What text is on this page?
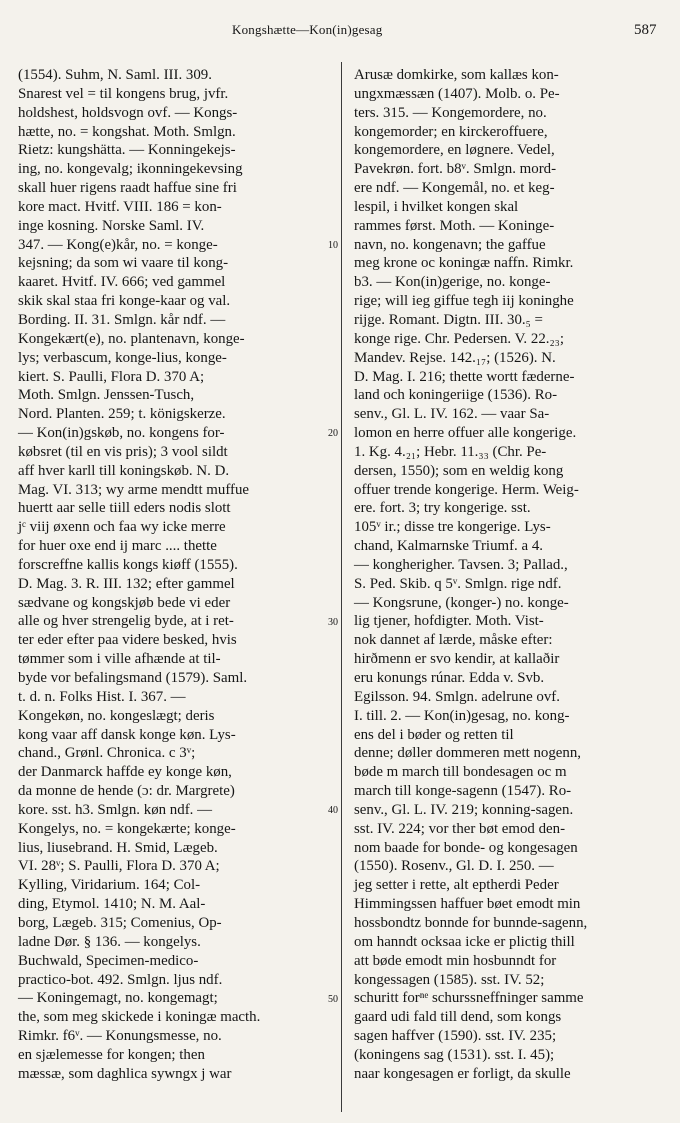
Kongshætte—Kon(in)gesag	587
10
20
30
40
50
(1554). Suhm, N. Saml. III. 309.
Snarest vel = til kongens brug, jvfr.
holdshest, holdsvogn ovf. — Kongs-
hætte, no. = kongshat. Moth. Smlgn.
Rietz: kungshätta. — Konningekejs-
ing, no. kongevalg; ikonningekevsing
skall huer rigens raadt haffue sine fri
kore mact. Hvitf. VIII. 186 = kon-
inge kosning. Norske Saml. IV.
347. — Kong(e)kår, no. = konge-
kejsning; da som wi vaare til kong-
kaaret. Hvitf. IV. 666; ved gammel
skik skal staa fri konge-kaar og val.
Bording. II. 31. Smlgn. kår ndf. —
Kongekært(e), no. plantenavn, konge-
lys; verbascum, konge-lius, konge-
kiert. S. Paulli, Flora D. 370 A;
Moth. Smlgn. Jenssen-Tusch,
Nord. Planten. 259; t. königskerze.
— Kon(in)gskøb, no. kongens for-
købsret (til en vis pris); 3 vool sildt
aff hver karll till koningskøb. N. D.
Mag. VI. 313; wy arme mendtt muffue
huertt aar selle tiill eders nodis slott
jᶜ viij øxenn och faa wy icke merre
for huer oxe end ij marc .... thette
forscreffne kallis kongs kiøff (1555).
D. Mag. 3. R. III. 132; efter gammel
sædvane og kongskjøb bede vi eder
alle og hver strengelig byde, at i ret-
ter eder efter paa videre besked, hvis
tømmer som i ville afhænde at til-
byde vor befalingsmand (1579). Saml.
t. d. n. Folks Hist. I. 367. —
Kongekøn, no. kongeslægt; deris
kong vaar aff dansk konge køn. Lys-
chand., Grønl. Chronica. c 3ᵛ;
der Danmarck haffde ey konge køn,
da monne de hende (ɔ: dr. Margrete)
kore. sst. h3. Smlgn. køn ndf. —
Kongelys, no. = kongekærte; konge-
lius, liusebrand. H. Smid, Lægeb.
VI. 28ᵛ; S. Paulli, Flora D. 370 A;
Kylling, Viridarium. 164; Col-
ding, Etymol. 1410; N. M. Aal-
borg, Lægeb. 315; Comenius, Op-
ladne Dør. § 136. — kongelys.
Buchwald, Specimen-medico-
practico-bot. 492. Smlgn. ljus ndf.
— Koningemagt, no. kongemagt;
the, som meg skickede i koningæ macth.
Rimkr. f6ᵛ. — Konungsmesse, no.
en sjælemesse for kongen; then
mæssæ, som daghlica sywngx j war
Arusæ domkirke, som kallæs kon-
ungxmæssæn (1407). Molb. o. Pe-
ters. 315. — Kongemordere, no.
kongemorder; en kirckeroffuere,
kongemordere, en løgnere. Vedel,
Pavekrøn. fort. b8ᵛ. Smlgn. mord-
ere ndf. — Kongemål, no. et keg-
lespil, i hvilket kongen skal
rammes først. Moth. — Koninge-
navn, no. kongenavn; the gaffue
meg krone oc koningæ naffn. Rimkr.
b3. — Kon(in)gerige, no. konge-
rige; will ieg giffue tegh iij koninghe
rijge. Romant. Digtn. III. 30.₅ =
konge rige. Chr. Pedersen. V. 22.₂₃;
Mandev. Rejse. 142.₁₇; (1526). N.
D. Mag. I. 216; thette wortt fæderne-
land och koningeriige (1536). Ro-
senv., Gl. L. IV. 162. — vaar Sa-
lomon en herre offuer alle kongerige.
1. Kg. 4.₂₁; Hebr. 11.₃₃ (Chr. Pe-
dersen, 1550); som en weldig kong
offuer trende kongerige. Herm. Weig-
ere. fort. 3; try kongerige. sst.
105ᵛ ir.; disse tre kongerige. Lys-
chand, Kalmarnske Triumf. a 4.
— kongherigher. Tavsen. 3; Pallad.,
S. Ped. Skib. q 5ᵛ. Smlgn. rige ndf.
— Kongsrune, (konger-) no. konge-
lig tjener, hofdigter. Moth. Vist-
nok dannet af lærde, måske efter:
hirðmenn er svo kendir, at kallaðir
eru konungs rúnar. Edda v. Svb.
Egilsson. 94. Smlgn. adelrune ovf.
I. till. 2. — Kon(in)gesag, no. kong-
ens del i bøder og retten til
denne; døller dommeren mett nogenn,
bøde m march till bondesagen oc m
march till konge-sagenn (1547). Ro-
senv., Gl. L. IV. 219; konning-sagen.
sst. IV. 224; vor ther bøt emod den-
nom baade for bonde- og kongesagen
(1550). Rosenv., Gl. D. I. 250. —
jeg setter i rette, alt eptherdi Peder
Himmingssen haffuer bøet emodt min
hossbondtz bonnde for bunnde-sagenn,
om hanndt ocksaa icke er plictig thill
att bøde emodt min hosbunndt for
kongessagen (1585). sst. IV. 52;
schuritt forⁿᵉ schurssneffninger samme
gaard udi fald till dend, som kongs
sagen haffver (1590). sst. IV. 235;
(koningens sag (1531). sst. I. 45);
naar kongesagen er forligt, da skulle
